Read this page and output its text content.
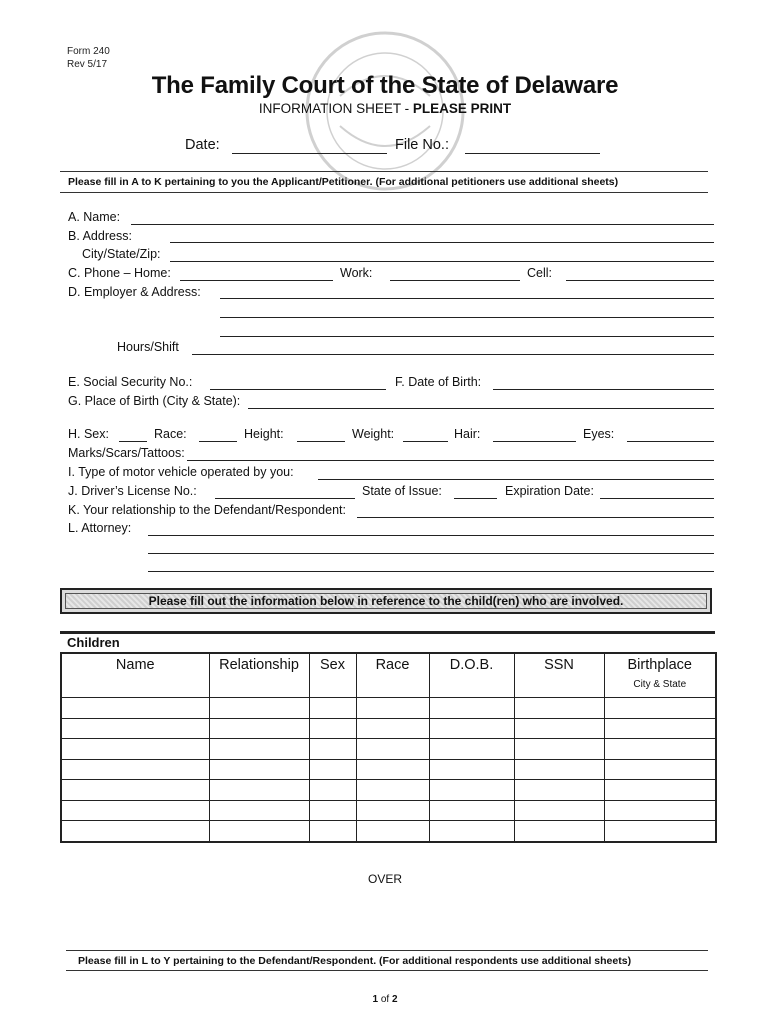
Form 240
Rev 5/17
The Family Court of the State of Delaware
INFORMATION SHEET - PLEASE PRINT
Date:	File No.:
Please fill in A to K pertaining to you the Applicant/Petitioner. (For additional petitioners use additional sheets)
A. Name:
B. Address:
City/State/Zip:
C. Phone – Home:	Work:	Cell:
D. Employer & Address:
Hours/Shift
E. Social Security No.:	F. Date of Birth:
G. Place of Birth (City & State):
H. Sex:	Race:	Height:	Weight:	Hair:	Eyes:
Marks/Scars/Tattoos:
I. Type of motor vehicle operated by you:
J. Driver’s License No.:	State of Issue:	Expiration Date:
K. Your relationship to the Defendant/Respondent:
L. Attorney:
Please fill out the information below in reference to the child(ren) who are involved.
Children
Name	Relationship	Sex	Race	D.O.B.	SSN	Birthplace
City & State

OVER
Please fill in L to Y pertaining to the Defendant/Respondent. (For additional respondents use additional sheets)
1 of 2
